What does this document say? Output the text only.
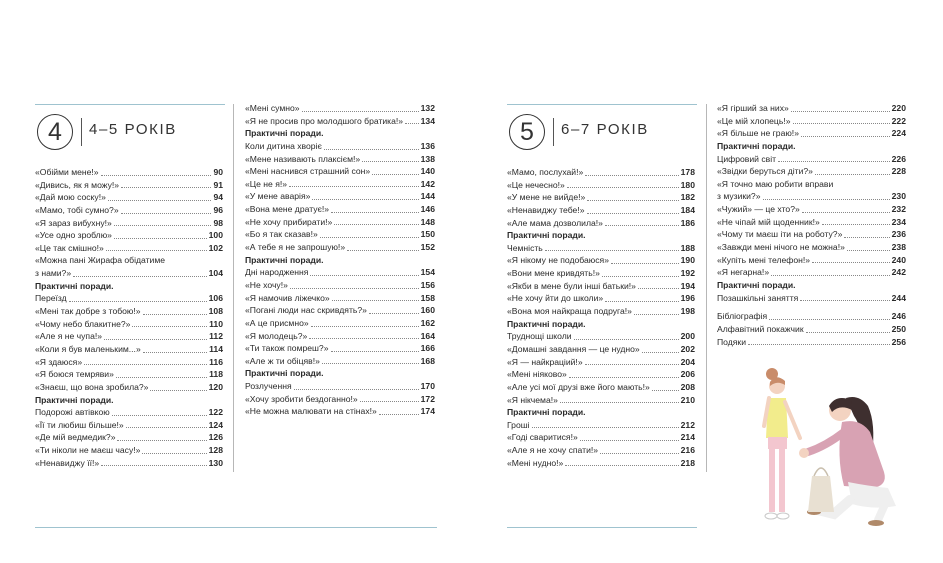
4	4–5 РОКІВ	5	6–7 РОКІВ
«Обійми мене!»	90
«Дивись, як я можу!»	91
«Дай мою соску!»	94
«Мамо, тобі сумно?»	96
«Я зараз вибухну!»	98
«Усе одно зроблю»	100
«Це так смішно!»	102
«Можна пані Жирафа обідатиме
з нами?»	104
Практичні поради.
Переїзд	106
«Мені так добре з тобою!»	108
«Чому небо блакитне?»	110
«Але я не чупа!»	112
«Коли я був маленьким...»	114
«Я здаюся»	116
«Я боюся темряви»	118
«Знаєш, що вона зробила?»	120
Практичні поради.
Подорожі автівкою	122
«Її ти любиш більше!»	124
«Де мій ведмедик?»	126
«Ти ніколи не маєш часу!»	128
«Ненавиджу її!»	130
«Мені сумно»	132
«Я не просив про молодшого братика!» 134
Практичні поради.
Коли дитина хворіє	136
«Мене називають плаксієм!»	138
«Мені наснився страшний сон»	140
«Це не я!»	142
«У мене аварія»	144
«Вона мене дратує!»	146
«Не хочу прибирати!»	148
«Бо я так сказав!»	150
«А тебе я не запрошую!»	152
Практичні поради.
Дні народження	154
«Не хочу!»	156
«Я намочив ліжечко»	158
«Погані люди нас скривдять?»	160
«А це присмно»	162
«Я молодець?»	164
«Ти також помреш?»	166
«Але ж ти обіцяв!»	168
Практичні поради.
Розлучення	170
«Хочу зробити бездоганно!»	172
«Не можна малювати на стінах!»	174
«Мамо, послухай!»	178
«Це нечесно!»	180
«У мене не вийде!»	182
«Ненавиджу тебе!»	184
«Але мама дозволила!»	186
Практичні поради.
Чемність	188
«Я нікому не подобаюся»	190
«Вони мене кривдять!»	192
«Якби в мене були інші батьки!»	194
«Не хочу йти до школи»	196
«Вона моя найкраща подруга!»	198
Практичні поради.
Труднощі школи	200
«Домашні завдання — це нудно»	202
«Я — найкраціий!»	204
«Мені ніяково»	206
«Але усі мої друзі вже його мають!»	208
«Я нікчема!»	210
Практичні поради.
Гроші	212
«Годі сваритися!»	214
«Але я не хочу спати!»	216
«Мені нудно!»	218
«Я гірший за них»	220
«Це мій хлопець!»	222
«Я більше не граю!»	224
Практичні поради.
Цифровий світ	226
«Звідки беруться діти?»	228
«Я точно маю робити вправи
з музики?»	230
«Чужий» — це хто?»	232
«Не чіпай мій щоденник!»	234
«Чому ти маєш іти на роботу?»	236
«Завжди мені нічого не можна!»	238
«Купіть мені телефон!»	240
«Я негарна!»	242
Практичні поради.
Позашкільні заняття	244
Бібліографія	246
Алфавітний покажчик	250
Подяки	256
